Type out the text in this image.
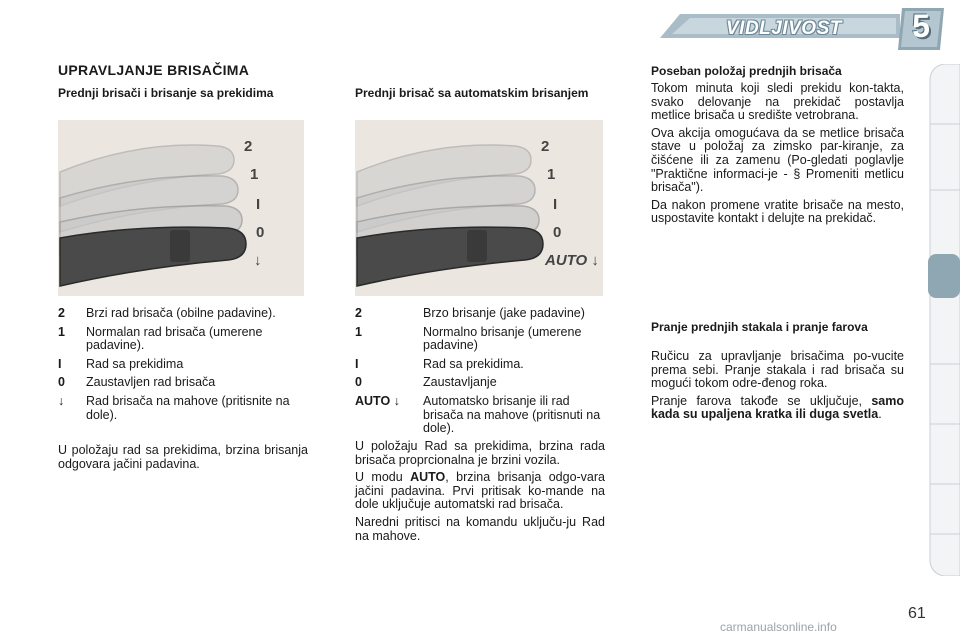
VIDLJIVOST 5
UPRAVLJANJE BRISAČIMA
Prednji brisači i brisanje sa prekidima
2
1
I
0
↓
2	Brzi rad brisača (obilne padavine).
1	Normalan rad brisača (umerene padavine).
I	Rad sa prekidima
0	Zaustavljen rad brisača
↓	Rad brisača na mahove (pritisnite na dole).

U položaju rad sa prekidima, brzina brisanja odgovara jačini padavina.

Prednji brisač sa automatskim brisanjem
2
1
I
0
AUTO ↓
2	Brzo brisanje (jake padavine)
1	Normalno brisanje (umerene padavine)
I	Rad sa prekidima.
0	Zaustavljanje
AUTO ↓	Automatsko brisanje ili rad brisača na mahove (pritisnuti na dole).

U položaju Rad sa prekidima, brzina rada brisača proprcionalna je brzini vozila.

U modu AUTO, brzina brisanja odgo-vara jačini padavina. Prvi pritisak ko-mande na dole uključuje automatski rad brisača.

Naredni pritisci na komandu uključu-ju Rad na mahove.

Poseban položaj prednjih brisača

Tokom minuta koji sledi prekidu kon-takta, svako delovanje na prekidač postavlja metlice brisača u središte vetrobrana.

Ova akcija omogućava da se metlice brisača stave u položaj za zimsko par-kiranje, za čišćene ili za zamenu (Po-gledati poglavlje "Praktične informaci-je - § Promeniti metlicu brisača").

Da nakon promene vratite brisače na mesto, uspostavite kontakt i delujte na prekidač.

Pranje prednjih stakala i pranje farova

Ručicu za upravljanje brisačima po-vucite prema sebi. Pranje stakala i rad brisača su mogući tokom odre-đenog roka.

Pranje farova takođe se uključuje, samo kada su upaljena kratka ili duga svetla.

61
carmanualsonline.info
